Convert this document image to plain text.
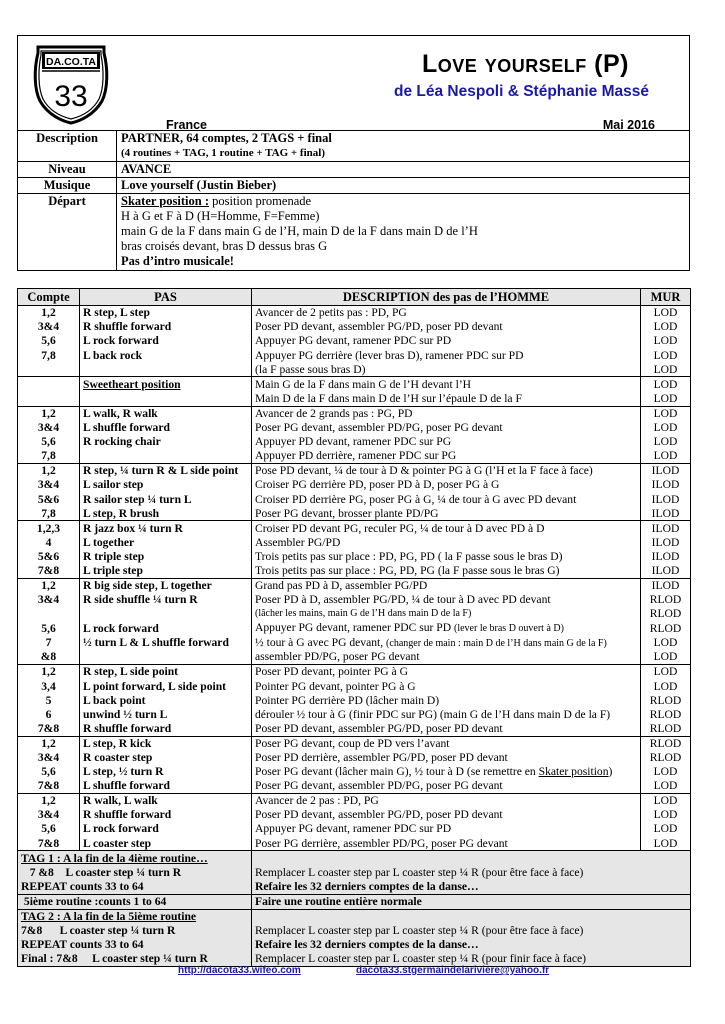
DA.CO.TA
33
Love yourself (P)
de Léa Nespoli & Stéphanie Massé
France	Mai 2016
Description	PARTNER, 64 comptes, 2 TAGS + final
(4 routines + TAG, 1 routine + TAG + final)

Niveau	AVANCE
Musique	Love yourself (Justin Bieber)
Départ	Skater position : position promenade
H à G et F à D (H=Homme, F=Femme)
main G de la F dans main G de l’H, main D de la F dans main D de l’H
bras croisés devant, bras D dessus bras G
Pas d’intro musicale!
Compte	PAS	DESCRIPTION des pas de l’HOMME	MUR
1,2	R step, L step	Avancer de 2 petits pas : PD, PG	LOD
3&4	R shuffle forward	Poser PD devant, assembler PG/PD, poser PD devant	LOD
5,6	L rock forward	Appuyer PG devant, ramener PDC sur PD	LOD
7,8	L back rock	Appuyer PG derrière (lever bras D), ramener PDC sur PD	LOD
		(la F passe sous bras D)	LOD
	Sweetheart position	Main G de la F dans main G de l’H devant l’H	LOD
		Main D de la F dans main D de l’H sur l’épaule D de la F	LOD
1,2	L walk, R walk	Avancer de 2 grands pas : PG, PD	LOD
3&4	L shuffle forward	Poser PG devant, assembler PD/PG, poser PG devant	LOD
5,6	R rocking chair	Appuyer PD devant, ramener PDC sur PG	LOD
7,8		Appuyer PD derrière, ramener PDC sur PG	LOD
1,2	R step, ¼ turn R & L side point	Pose PD devant, ¼ de tour à D & pointer PG à G (l’H et la F face à face)	ILOD
3&4	L sailor step	Croiser PG derrière PD, poser PD à D, poser PG à G	ILOD
5&6	R sailor step ¼ turn L	Croiser PD derrière PG, poser PG à G, ¼ de tour à G avec PD devant	ILOD
7,8	L step, R brush	Poser PG devant, brosser plante PD/PG	ILOD
1,2,3	R jazz box ¼ turn R	Croiser PD devant PG, reculer PG, ¼ de tour à D avec PD à D	ILOD
4	L together	Assembler PG/PD	ILOD
5&6	R triple step	Trois petits pas sur place : PD, PG, PD ( la F passe sous le bras D)	ILOD
7&8	L triple step	Trois petits pas sur place : PG, PD, PG (la F passe sous le bras G)	ILOD
1,2	R big side step, L together	Grand pas PD à D, assembler PG/PD	ILOD
3&4	R side shuffle ¼ turn R	Poser PD à D, assembler PG/PD, ¼ de tour à D avec PD devant	RLOD
		(lâcher les mains, main G de l’H dans main D de la F)	RLOD
5,6	L rock forward	Appuyer PG devant, ramener PDC sur PD (lever le bras D ouvert à D)	RLOD
7	½ turn L & L shuffle forward	½ tour à G avec PG devant, (changer de main : main D de l’H dans main G de la F)	LOD
&8		assembler PD/PG, poser PG devant	LOD
1,2	R step, L side point	Poser PD devant, pointer PG à G	LOD
3,4	L point forward, L side point	Pointer PG devant, pointer PG à G	LOD
5	L back point	Pointer PG derrière PD (lâcher main D)	RLOD
6	unwind ½ turn L	dérouler ½ tour à G (finir PDC sur PG) (main G de l’H dans main D de la F)	RLOD
7&8	R shuffle forward	Poser PD devant, assembler PG/PD, poser PD devant	RLOD
1,2	L step, R kick	Poser PG devant, coup de PD vers l’avant	RLOD
3&4	R coaster step	Poser PD derrière, assembler PG/PD, poser PD devant	RLOD
5,6	L step, ½ turn R	Poser PG devant (lâcher main G), ½ tour à D (se remettre en Skater position)	LOD
7&8	L shuffle forward	Poser PG devant, assembler PD/PG, poser PG devant	LOD
1,2	R walk, L walk	Avancer de 2 pas : PD, PG	LOD
3&4	R shuffle forward	Poser PD devant, assembler PG/PD, poser PD devant	LOD
5,6	L rock forward	Appuyer PG devant, ramener PDC sur PD	LOD
7&8	L coaster step	Poser PG derrière, assembler PD/PG, poser PG devant	LOD
TAG 1 : A la fin de la 4ième routine…			
7 &8    L coaster step ¼ turn R		Remplacer L coaster step par L coaster step ¼ R (pour être face à face)	
REPEAT counts 33 to 64		Refaire les 32 derniers comptes de la danse…	
5ième routine :counts 1 to 64		Faire une routine entière normale	
TAG 2 : A la fin de la 5ième routine			
7&8      L coaster step ¼ turn R		Remplacer L coaster step par L coaster step ¼ R (pour être face à face)	
REPEAT counts 33 to 64		Refaire les 32 derniers comptes de la danse…	
Final : 7&8     L coaster step ¼ turn R		Remplacer L coaster step par L coaster step ¼ R (pour finir face à face)	
http://dacota33.wifeo.com	dacota33.stgermaindelariviere@yahoo.fr
